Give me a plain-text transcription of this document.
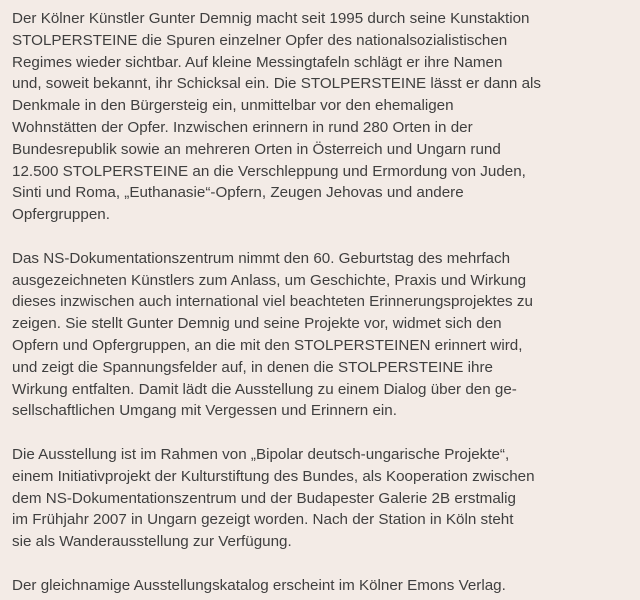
Der Kölner Künstler Gunter Demnig macht seit 1995 durch seine Kunstaktion
STOLPERSTEINE die Spuren einzelner Opfer des nationalsozialistischen
Regimes wieder sichtbar. Auf kleine Messingtafeln schlägt er ihre Namen
und, soweit bekannt, ihr Schicksal ein. Die STOLPERSTEINE lässt er dann als
Denkmale in den Bürgersteig ein, unmittelbar vor den ehemaligen
Wohnstätten der Opfer. Inzwischen erinnern in rund 280 Orten in der
Bundesrepublik sowie an mehreren Orten in Österreich und Ungarn rund
12.500 STOLPERSTEINE an die Verschleppung und Ermordung von Juden,
Sinti und Roma, „Euthanasie“-Opfern, Zeugen Jehovas und andere
Opfergruppen.

Das NS-Dokumentationszentrum nimmt den 60. Geburtstag des mehrfach
ausgezeichneten Künstlers zum Anlass, um Geschichte, Praxis und Wirkung
dieses inzwischen auch international viel beachteten Erinnerungsprojektes zu
zeigen. Sie stellt Gunter Demnig und seine Projekte vor, widmet sich den
Opfern und Opfergruppen, an die mit den STOLPERSTEINEN erinnert wird,
und zeigt die Spannungsfelder auf, in denen die STOLPERSTEINE ihre
Wirkung entfalten. Damit lädt die Ausstellung zu einem Dialog über den ge-
sellschaftlichen Umgang mit Vergessen und Erinnern ein.

Die Ausstellung ist im Rahmen von „Bipolar deutsch-ungarische Projekte“,
einem Initiativprojekt der Kulturstiftung des Bundes, als Kooperation zwischen
dem NS-Dokumentationszentrum und der Budapester Galerie 2B erstmalig
im Frühjahr 2007 in Ungarn gezeigt worden. Nach der Station in Köln steht
sie als Wanderausstellung zur Verfügung.

Der gleichnamige Ausstellungskatalog erscheint im Kölner Emons Verlag.
